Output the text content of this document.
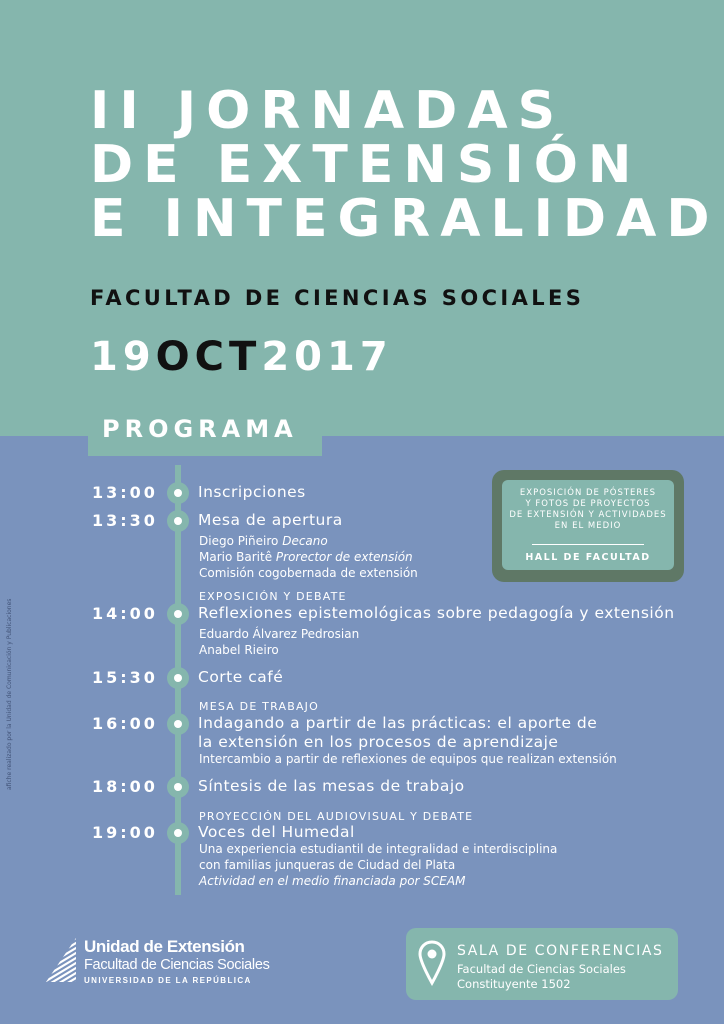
II JORNADAS
DE EXTENSIÓN
E INTEGRALIDAD
FACULTAD DE CIENCIAS SOCIALES
19OCT2017
PROGRAMA
afiche realizado por la Unidad de Comunicación y Publicaciones
13:00	Inscripciones
13:30	Mesa de apertura
Diego Piñeiro Decano
Mario Baritê Prorector de extensión
Comisión cogobernada de extensión
EXPOSICIÓN Y DEBATE
14:00	Reflexiones epistemológicas sobre pedagogía y extensión
Eduardo Álvarez Pedrosian
Anabel Rieiro
15:30	Corte café
MESA DE TRABAJO
16:00	Indagando a partir de las prácticas: el aporte de
la extensión en los procesos de aprendizaje
Intercambio a partir de reflexiones de equipos que realizan extensión
18:00	Síntesis de las mesas de trabajo
PROYECCIÓN DEL AUDIOVISUAL Y DEBATE
19:00	Voces del Humedal
Una experiencia estudiantil de integralidad e interdisciplina
con familias junqueras de Ciudad del Plata
Actividad en el medio financiada por SCEAM
EXPOSICIÓN DE PÓSTERES
Y FOTOS DE PROYECTOS
DE EXTENSIÓN Y ACTIVIDADES
EN EL MEDIO
HALL DE FACULTAD
Unidad de Extensión
Facultad de Ciencias Sociales
UNIVERSIDAD DE LA REPÚBLICA
SALA DE CONFERENCIAS
Facultad de Ciencias Sociales
Constituyente 1502
